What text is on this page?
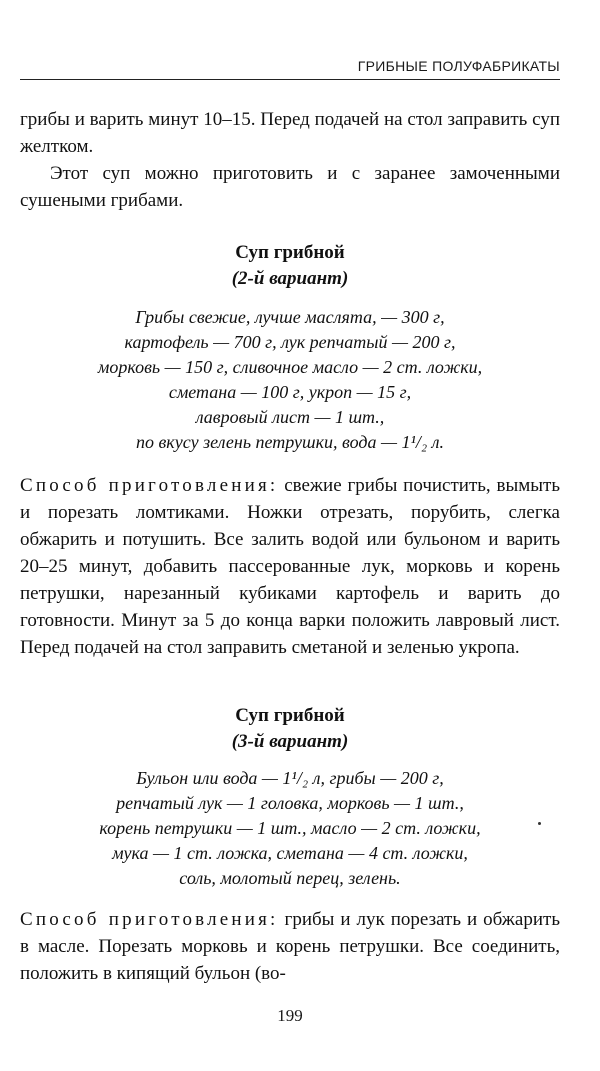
ГРИБНЫЕ ПОЛУФАБРИКАТЫ

грибы и варить минут 10–15. Перед подачей на стол заправить суп желтком.

Этот суп можно приготовить и с заранее замоченными сушеными грибами.

Суп грибной

(2-й вариант)

Грибы свежие, лучше маслята, — 300 г,

картофель — 700 г, лук репчатый — 200 г,

морковь — 150 г, сливочное масло — 2 ст. ложки,

сметана — 100 г, укроп — 15 г,

лавровый лист — 1 шт.,

по вкусу зелень петрушки, вода — 1¹/₂ л.

Способ приготовления: свежие грибы почистить, вымыть и порезать ломтиками. Ножки отрезать, порубить, слегка обжарить и потушить. Все залить водой или бульоном и варить 20–25 минут, добавить пассерованные лук, морковь и корень петрушки, нарезанный кубиками картофель и варить до готовности. Минут за 5 до конца варки положить лавровый лист. Перед подачей на стол заправить сметаной и зеленью укропа.

Суп грибной

(3-й вариант)

Бульон или вода — 1¹/₂ л, грибы — 200 г,

репчатый лук — 1 головка, морковь — 1 шт.,

корень петрушки — 1 шт., масло — 2 ст. ложки,

мука — 1 ст. ложка, сметана — 4 ст. ложки,

соль, молотый перец, зелень.

Способ приготовления: грибы и лук порезать и обжарить в масле. Порезать морковь и корень петрушки. Все соединить, положить в кипящий бульон (во-

199
